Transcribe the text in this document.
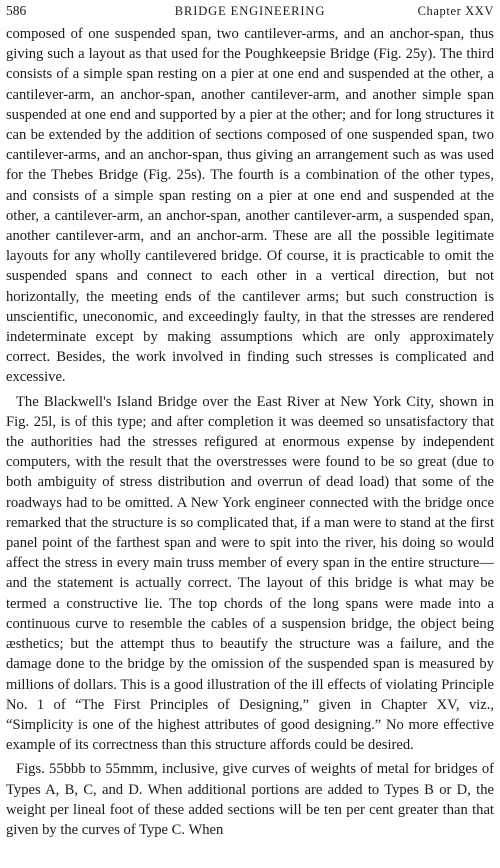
586	BRIDGE ENGINEERING	Chapter XXV

composed of one suspended span, two cantilever-arms, and an anchor-span, thus giving such a layout as that used for the Poughkeepsie Bridge (Fig. 25y). The third consists of a simple span resting on a pier at one end and suspended at the other, a cantilever-arm, an anchor-span, another cantilever-arm, and another simple span suspended at one end and supported by a pier at the other; and for long structures it can be extended by the addition of sections composed of one suspended span, two cantilever-arms, and an anchor-span, thus giving an arrangement such as was used for the Thebes Bridge (Fig. 25s). The fourth is a combination of the other types, and consists of a simple span resting on a pier at one end and suspended at the other, a cantilever-arm, an anchor-span, another cantilever-arm, a suspended span, another cantilever-arm, and an anchor-arm. These are all the possible legitimate layouts for any wholly cantilevered bridge. Of course, it is practicable to omit the suspended spans and connect to each other in a vertical direction, but not horizontally, the meeting ends of the cantilever arms; but such construction is unscientific, uneconomic, and exceedingly faulty, in that the stresses are rendered indeterminate except by making assumptions which are only approximately correct. Besides, the work involved in finding such stresses is complicated and excessive.

The Blackwell's Island Bridge over the East River at New York City, shown in Fig. 25l, is of this type; and after completion it was deemed so unsatisfactory that the authorities had the stresses refigured at enormous expense by independent computers, with the result that the overstresses were found to be so great (due to both ambiguity of stress distribution and overrun of dead load) that some of the roadways had to be omitted. A New York engineer connected with the bridge once remarked that the structure is so complicated that, if a man were to stand at the first panel point of the farthest span and were to spit into the river, his doing so would affect the stress in every main truss member of every span in the entire structure—and the statement is actually correct. The layout of this bridge is what may be termed a constructive lie. The top chords of the long spans were made into a continuous curve to resemble the cables of a suspension bridge, the object being æsthetics; but the attempt thus to beautify the structure was a failure, and the damage done to the bridge by the omission of the suspended span is measured by millions of dollars. This is a good illustration of the ill effects of violating Principle No. 1 of “The First Principles of Designing,” given in Chapter XV, viz., “Simplicity is one of the highest attributes of good designing.” No more effective example of its correctness than this structure affords could be desired.

Figs. 55bbb to 55mmm, inclusive, give curves of weights of metal for bridges of Types A, B, C, and D. When additional portions are added to Types B or D, the weight per lineal foot of these added sections will be ten per cent greater than that given by the curves of Type C. When
